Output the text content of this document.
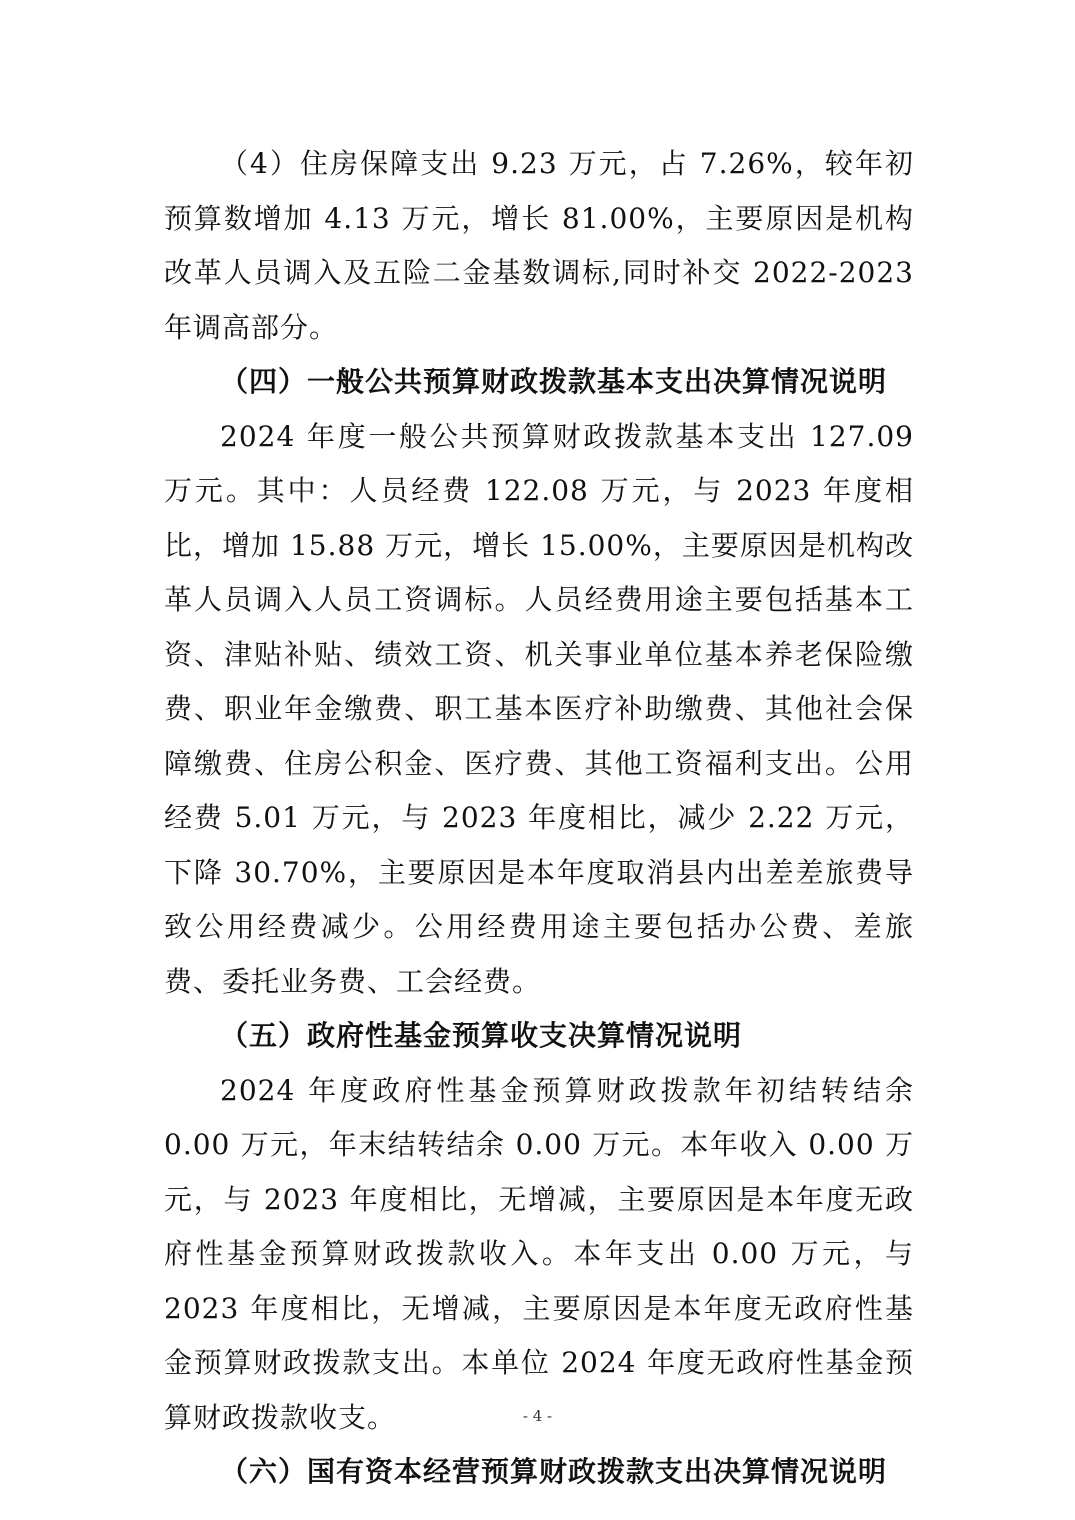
（4）住房保障支出 9.23 万元，占 7.26%，较年初预算数增加 4.13 万元，增长 81.00%，主要原因是机构改革人员调入及五险二金基数调标,同时补交 2022-2023 年调高部分。

（四）一般公共预算财政拨款基本支出决算情况说明

2024 年度一般公共预算财政拨款基本支出 127.09 万元。其中：人员经费 122.08 万元，与 2023 年度相比，增加 15.88 万元，增长 15.00%，主要原因是机构改革人员调入人员工资调标。人员经费用途主要包括基本工资、津贴补贴、绩效工资、机关事业单位基本养老保险缴费、职业年金缴费、职工基本医疗补助缴费、其他社会保障缴费、住房公积金、医疗费、其他工资福利支出。公用经费 5.01 万元，与 2023 年度相比，减少 2.22 万元，下降 30.70%，主要原因是本年度取消县内出差差旅费导致公用经费减少。公用经费用途主要包括办公费、差旅费、委托业务费、工会经费。

（五）政府性基金预算收支决算情况说明

2024 年度政府性基金预算财政拨款年初结转结余 0.00 万元，年末结转结余 0.00 万元。本年收入 0.00 万元，与 2023 年度相比，无增减，主要原因是本年度无政府性基金预算财政拨款收入。本年支出 0.00 万元，与 2023 年度相比，无增减，主要原因是本年度无政府性基金预算财政拨款支出。本单位 2024 年度无政府性基金预算财政拨款收支。

（六）国有资本经营预算财政拨款支出决算情况说明

- 4 -
